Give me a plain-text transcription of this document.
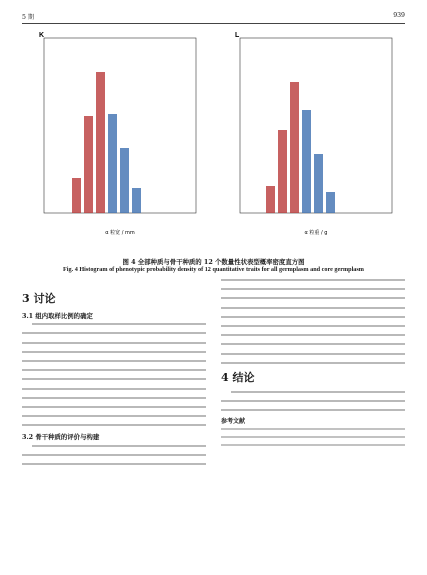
5 期	939
K
α 粒宽 / mm
L
α 粒重 / g
图 4 全部种质与骨干种质的 12 个数量性状表型概率密度直方图
Fig. 4 Histogram of phenotypic probability density of 12 quantitative traits for all germplasm and core germplasm
3 讨论
3.1 组内取样比例的确定
3.2 骨干种质的评价与构建
4 结论
参考文献
